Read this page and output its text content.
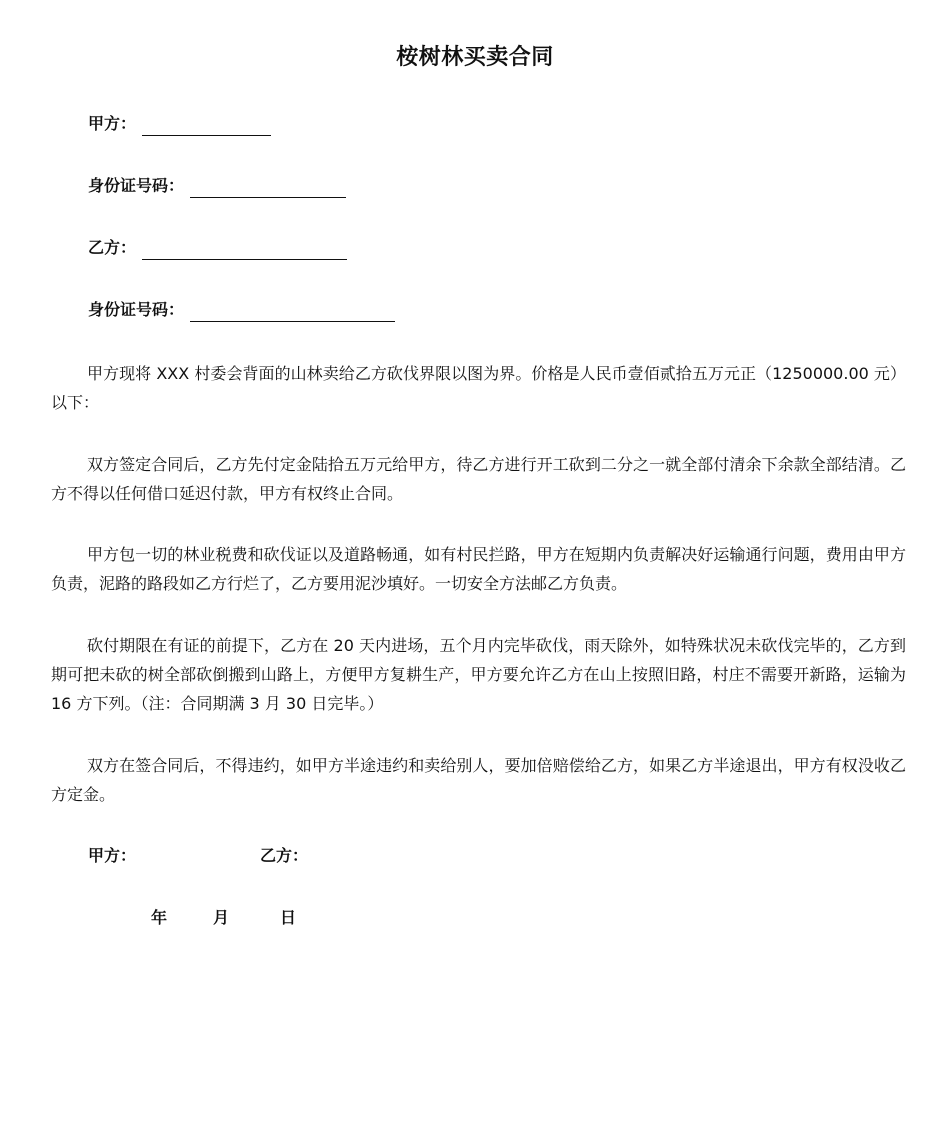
桉树林买卖合同
甲方：
身份证号码：
乙方：
身份证号码：

甲方现将 XXX 村委会背面的山林卖给乙方砍伐界限以图为界。价格是人民币壹佰贰拾五万元正（1250000.00 元）以下：

双方签定合同后，乙方先付定金陆拾五万元给甲方，待乙方进行开工砍到二分之一就全部付清余下余款全部结清。乙方不得以任何借口延迟付款，甲方有权终止合同。

甲方包一切的林业税费和砍伐证以及道路畅通，如有村民拦路，甲方在短期内负责解决好运输通行问题，费用由甲方负责，泥路的路段如乙方行烂了，乙方要用泥沙填好。一切安全方法邮乙方负责。

砍付期限在有证的前提下，乙方在 20 天内进场，五个月内完毕砍伐，雨天除外，如特殊状况未砍伐完毕的，乙方到期可把未砍的树全部砍倒搬到山路上，方便甲方复耕生产，甲方要允许乙方在山上按照旧路，村庄不需要开新路，运输为 16 方下列。（注：合同期满 3 月 30 日完毕。）

双方在签合同后，不得违约，如甲方半途违约和卖给别人，要加倍赔偿给乙方，如果乙方半途退出，甲方有权没收乙方定金。

甲方：	乙方：
年	月	日
